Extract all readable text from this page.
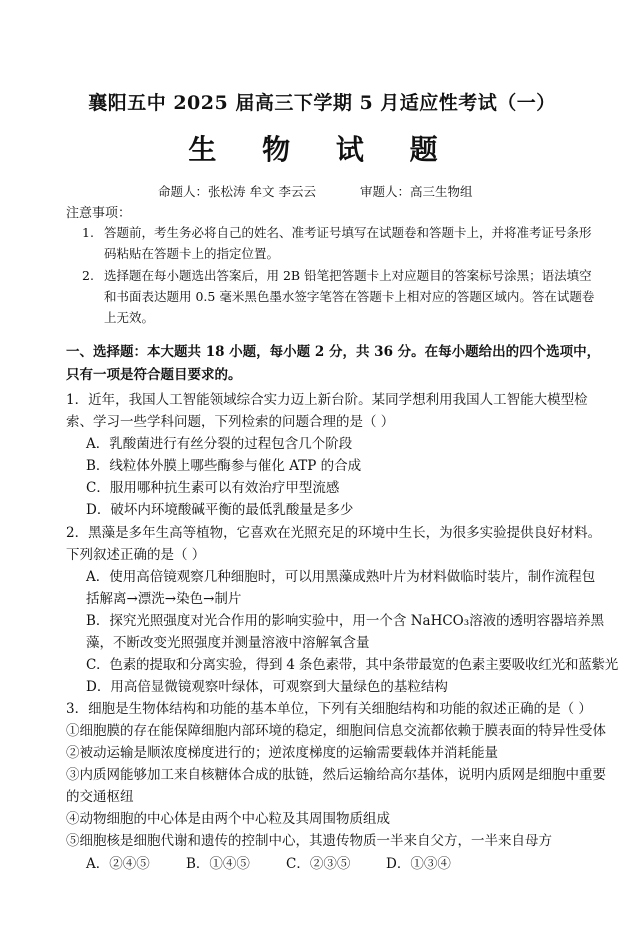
襄阳五中 2025 届高三下学期 5 月适应性考试（一）
生 物 试 题
命题人：张松涛 牟文 李云云	审题人：高三生物组
注意事项：
1. 答题前，考生务必将自己的姓名、准考证号填写在试题卷和答题卡上，并将准考证号条形码粘贴在答题卡上的指定位置。
2. 选择题在每小题选出答案后，用 2B 铅笔把答题卡上对应题目的答案标号涂黑；语法填空和书面表达题用 0.5 毫米黑色墨水签字笔答在答题卡上相对应的答题区域内。答在试题卷上无效。
一、选择题：本大题共 18 小题，每小题 2 分，共 36 分。在每小题给出的四个选项中，只有一项是符合题目要求的。
1．近年，我国人工智能领域综合实力迈上新台阶。某同学想利用我国人工智能大模型检索、学习一些学科问题，下列检索的问题合理的是（ ）
A．乳酸菌进行有丝分裂的过程包含几个阶段
B．线粒体外膜上哪些酶参与催化 ATP 的合成
C．服用哪种抗生素可以有效治疗甲型流感
D．破坏内环境酸碱平衡的最低乳酸量是多少
2．黑藻是多年生高等植物，它喜欢在光照充足的环境中生长，为很多实验提供良好材料。下列叙述正确的是（ ）
A．使用高倍镜观察几种细胞时，可以用黑藻成熟叶片为材料做临时装片，制作流程包括解离→漂洗→染色→制片
B．探究光照强度对光合作用的影响实验中，用一个含 NaHCO₃溶液的透明容器培养黑藻，不断改变光照强度并测量溶液中溶解氧含量
C．色素的提取和分离实验，得到 4 条色素带，其中条带最宽的色素主要吸收红光和蓝紫光
D．用高倍显微镜观察叶绿体，可观察到大量绿色的基粒结构
3．细胞是生物体结构和功能的基本单位，下列有关细胞结构和功能的叙述正确的是（ ）
①细胞膜的存在能保障细胞内部环境的稳定，细胞间信息交流都依赖于膜表面的特异性受体
②被动运输是顺浓度梯度进行的；逆浓度梯度的运输需要载体并消耗能量
③内质网能够加工来自核糖体合成的肽链，然后运输给高尔基体，说明内质网是细胞中重要的交通枢纽
④动物细胞的中心体是由两个中心粒及其周围物质组成
⑤细胞核是细胞代谢和遗传的控制中心，其遗传物质一半来自父方，一半来自母方
A．②④⑤	B．①④⑤	C．②③⑤	D．①③④
